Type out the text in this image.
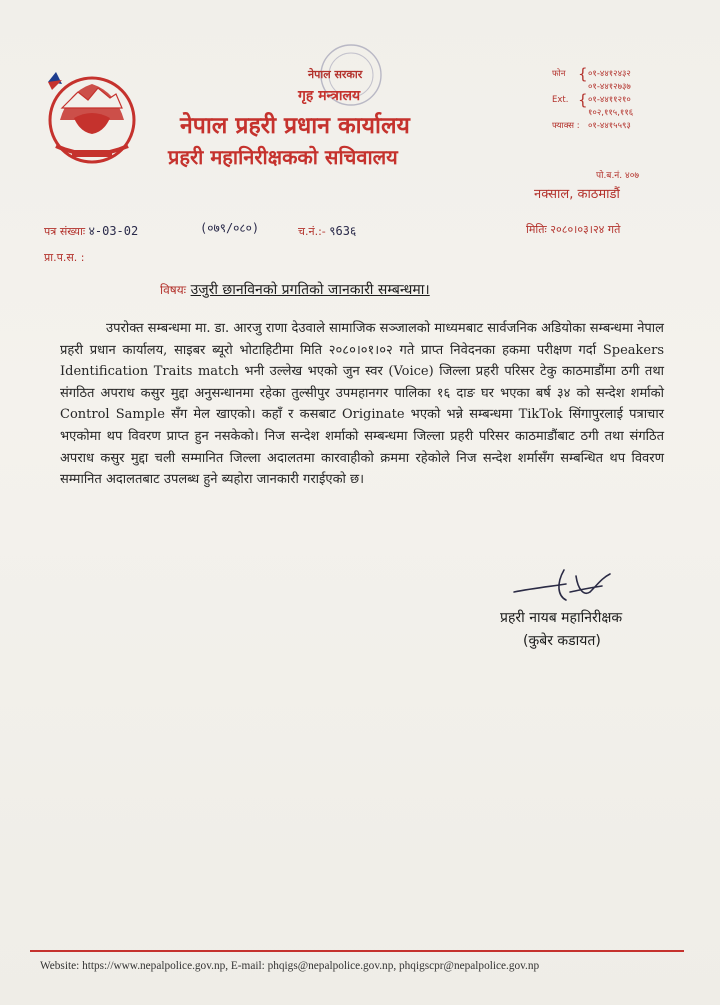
नेपाल सरकार
गृह मन्त्रालय
नेपाल प्रहरी प्रधान कार्यालय
प्रहरी महानिरीक्षकको सचिवालय
फोन { ०१-४४१२४३२
०१-४४१२७३७
Ext. { ०१-४४११२१०
१०२,११५,११६
फ्याक्स : ०१-४४१५५९३
पो.ब.नं. ४०७
नक्साल, काठमाडौं
पत्र संख्याः ४-03-02	(०७९/०८०)	च.नं.:- ९63६	मितिः २०८०।०३।२४ गते
प्रा.प.स. :
विषयः उजुरी छानविनको प्रगतिको जानकारी सम्बन्धमा।
उपरोक्त सम्बन्धमा मा. डा. आरजु राणा देउवाले सामाजिक सञ्जालको माध्यमबाट सार्वजनिक अडियोका सम्बन्धमा नेपाल प्रहरी प्रधान कार्यालय, साइबर ब्यूरो भोटाहिटीमा मिति २०८०।०१।०२ गते प्राप्त निवेदनका हकमा परीक्षण गर्दा Speakers Identification Traits match भनी उल्लेख भएको जुन स्वर (Voice) जिल्ला प्रहरी परिसर टेकु काठमाडौंमा ठगी तथा संगठित अपराध कसुर मुद्दा अनुसन्धानमा रहेका तुल्सीपुर उपमहानगर पालिका १६ दाङ घर भएका बर्ष ३४ को सन्देश शर्माको Control Sample सँग मेल खाएको। कहाँ र कसबाट Originate भएको भन्ने सम्बन्धमा TikTok सिंगापुरलाई पत्राचार भएकोमा थप विवरण प्राप्त हुन नसकेको। निज सन्देश शर्माको सम्बन्धमा जिल्ला प्रहरी परिसर काठमाडौंबाट ठगी तथा संगठित अपराध कसुर मुद्दा चली सम्मानित जिल्ला अदालतमा कारवाहीको क्रममा रहेकोले निज सन्देश शर्मासँग सम्बन्धित थप विवरण सम्मानित अदालतबाट उपलब्ध हुने ब्यहोरा जानकारी गराईएको छ।
प्रहरी नायब महानिरीक्षक
(कुबेर कडायत)
Website: https://www.nepalpolice.gov.np, E-mail: phqigs@nepalpolice.gov.np, phqigscpr@nepalpolice.gov.np
